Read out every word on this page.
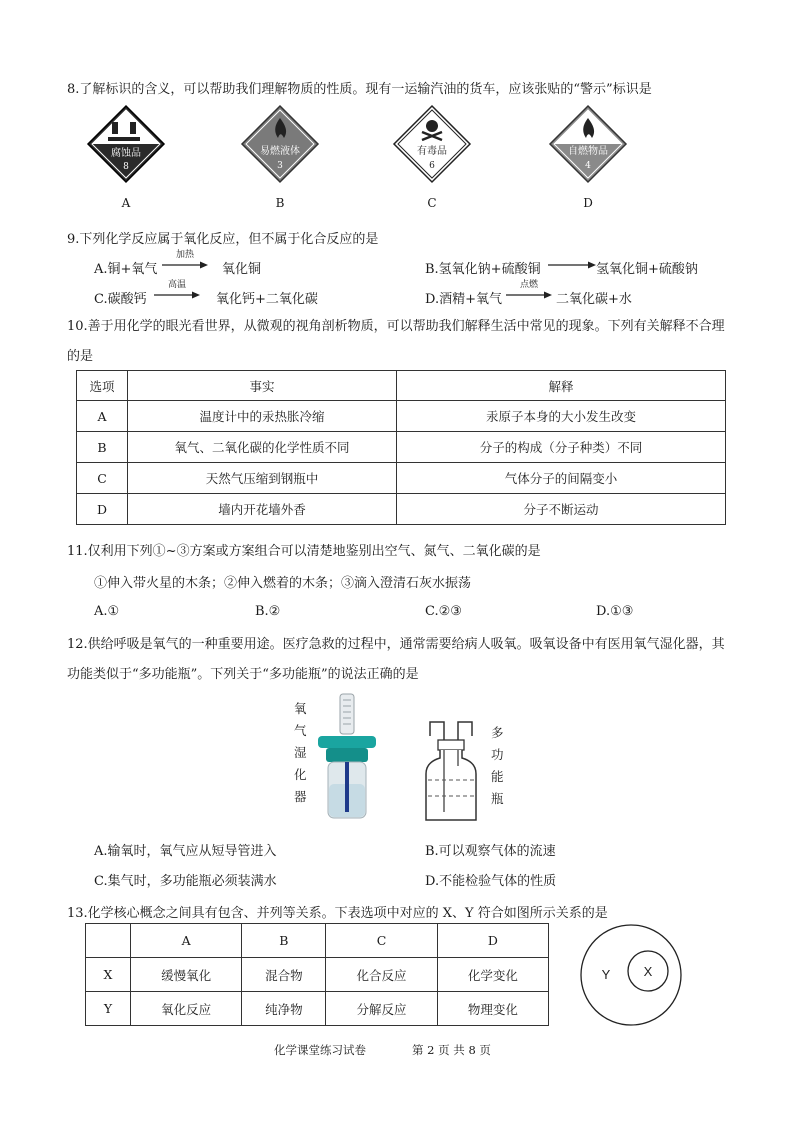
8.了解标识的含义，可以帮助我们理解物质的性质。现有一运输汽油的货车，应该张贴的“警示”标识是
腐蚀品
8
A
易燃液体
3
B
有毒品
6
C
自燃物品
4
D
9.下列化学反应属于氧化反应，但不属于化合反应的是
A.铜+氧气
加热
氧化铜	B.氢氧化钠+硫酸铜	氢氧化铜+硫酸钠
C.碳酸钙
高温
氧化钙+二氧化碳	D.酒精+氧气
点燃
二氧化碳+水
10.善于用化学的眼光看世界，从微观的视角剖析物质，可以帮助我们解释生活中常见的现象。下列有关解释不合理的是
选项	事实	解释
A	温度计中的汞热胀冷缩	汞原子本身的大小发生改变
B	氧气、二氧化碳的化学性质不同	分子的构成（分子种类）不同
C	天然气压缩到钢瓶中	气体分子的间隔变小
D	墙内开花墙外香	分子不断运动
11.仅利用下列①~③方案或方案组合可以清楚地鉴别出空气、氮气、二氧化碳的是
①伸入带火星的木条；②伸入燃着的木条；③滴入澄清石灰水振荡
A.①	B.②	C.②③	D.①③
12.供给呼吸是氧气的一种重要用途。医疗急救的过程中，通常需要给病人吸氧。吸氧设备中有医用氧气湿化器，其功能类似于“多功能瓶”。下列关于“多功能瓶”的说法正确的是
氧
气
湿
化
器
多
功
能
瓶
A.输氧时，氧气应从短导管进入	B.可以观察气体的流速
C.集气时，多功能瓶必须装满水	D.不能检验气体的性质
13.化学核心概念之间具有包含、并列等关系。下表选项中对应的 X、Y 符合如图所示关系的是
	A	B	C	D
X	缓慢氧化	混合物	化合反应	化学变化
Y	氧化反应	纯净物	分解反应	物理变化
Y	X
化学课堂练习试卷	第 2 页 共 8 页
